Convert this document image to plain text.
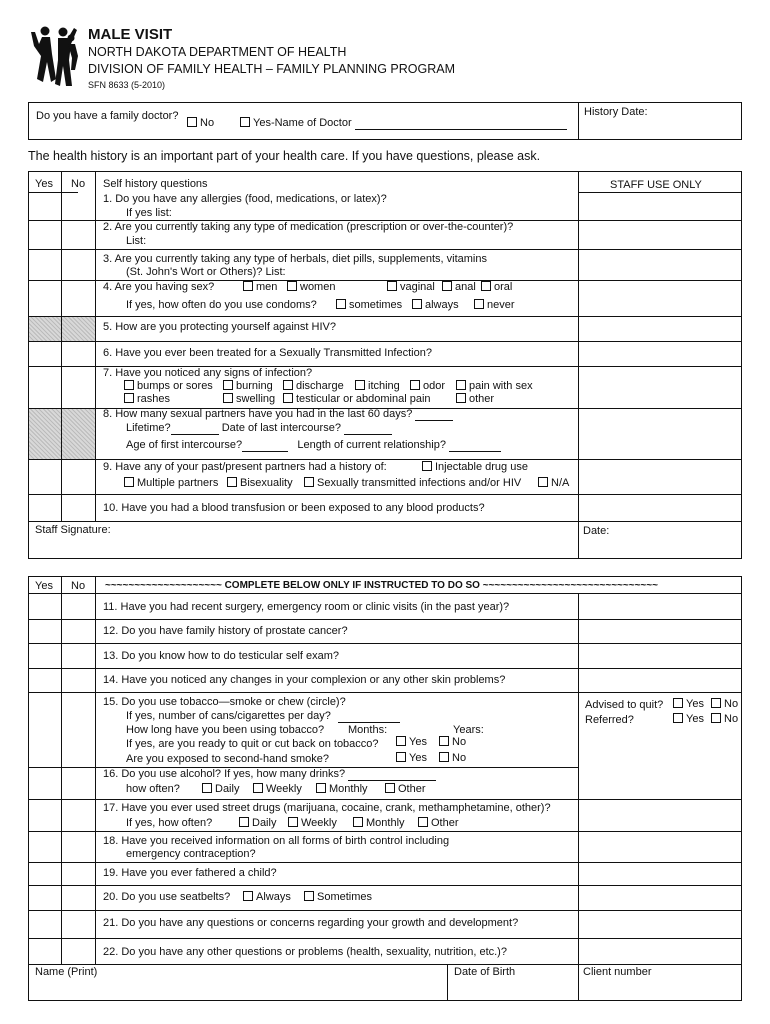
MALE VISIT
NORTH DAKOTA DEPARTMENT OF HEALTH
DIVISION OF FAMILY HEALTH – FAMILY PLANNING PROGRAM
SFN 8633 (5-2010)
Do you have a family doctor?
No	Yes-Name of Doctor
History Date:
The health history is an important part of your health care. If you have questions, please ask.
Yes No Self history questions	STAFF USE ONLY
1. Do you have any allergies (food, medications, or latex)?
If yes list:
2. Are you currently taking any type of medication (prescription or over-the-counter)?
List:
3. Are you currently taking any type of herbals, diet pills, supplements, vitamins
(St. John's Wort or Others)? List:
4. Are you having sex?	men	women	vaginal	anal	oral
If yes, how often do you use condoms?	sometimes	always	never
5. How are you protecting yourself against HIV?
6. Have you ever been treated for a Sexually Transmitted Infection?
7. Have you noticed any signs of infection?
bumps or sores	burning	discharge	itching	odor	pain with sex
rashes	swelling	testicular or abdominal pain	other
8. How many sexual partners have you had in the last 60 days?
Lifetime?	Date of last intercourse?
Age of first intercourse?	Length of current relationship?
9. Have any of your past/present partners had a history of:	Injectable drug use
Multiple partners	Bisexuality	Sexually transmitted infections and/or HIV	N/A
10. Have you had a blood transfusion or been exposed to any blood products?
Staff Signature:	Date:
Yes No ~~~~~~~~~~~~~~~~~~~~ COMPLETE BELOW ONLY IF INSTRUCTED TO DO SO ~~~~~~~~~~~~~~~~~~~~~~~~~~~~~~
11. Have you had recent surgery, emergency room or clinic visits (in the past year)?
12. Do you have family history of prostate cancer?
13. Do you know how to do testicular self exam?
14. Have you noticed any changes in your complexion or any other skin problems?
15. Do you use tobacco—smoke or chew (circle)?
If yes, number of cans/cigarettes per day?
How long have you been using tobacco? Months:	Years:
If yes, are you ready to quit or cut back on tobacco?	Yes	No
Are you exposed to second-hand smoke?	Yes	No
Advised to quit?	Yes	No
Referred?	Yes	No
16. Do you use alcohol? If yes, how many drinks?
how often?	Daily	Weekly	Monthly	Other
17. Have you ever used street drugs (marijuana, cocaine, crank, methamphetamine, other)?
If yes, how often?	Daily	Weekly	Monthly	Other
18. Have you received information on all forms of birth control including
emergency contraception?
19. Have you ever fathered a child?
20. Do you use seatbelts?	Always	Sometimes
21. Do you have any questions or concerns regarding your growth and development?
22. Do you have any other questions or problems (health, sexuality, nutrition, etc.)?
Name (Print)	Date of Birth	Client number
